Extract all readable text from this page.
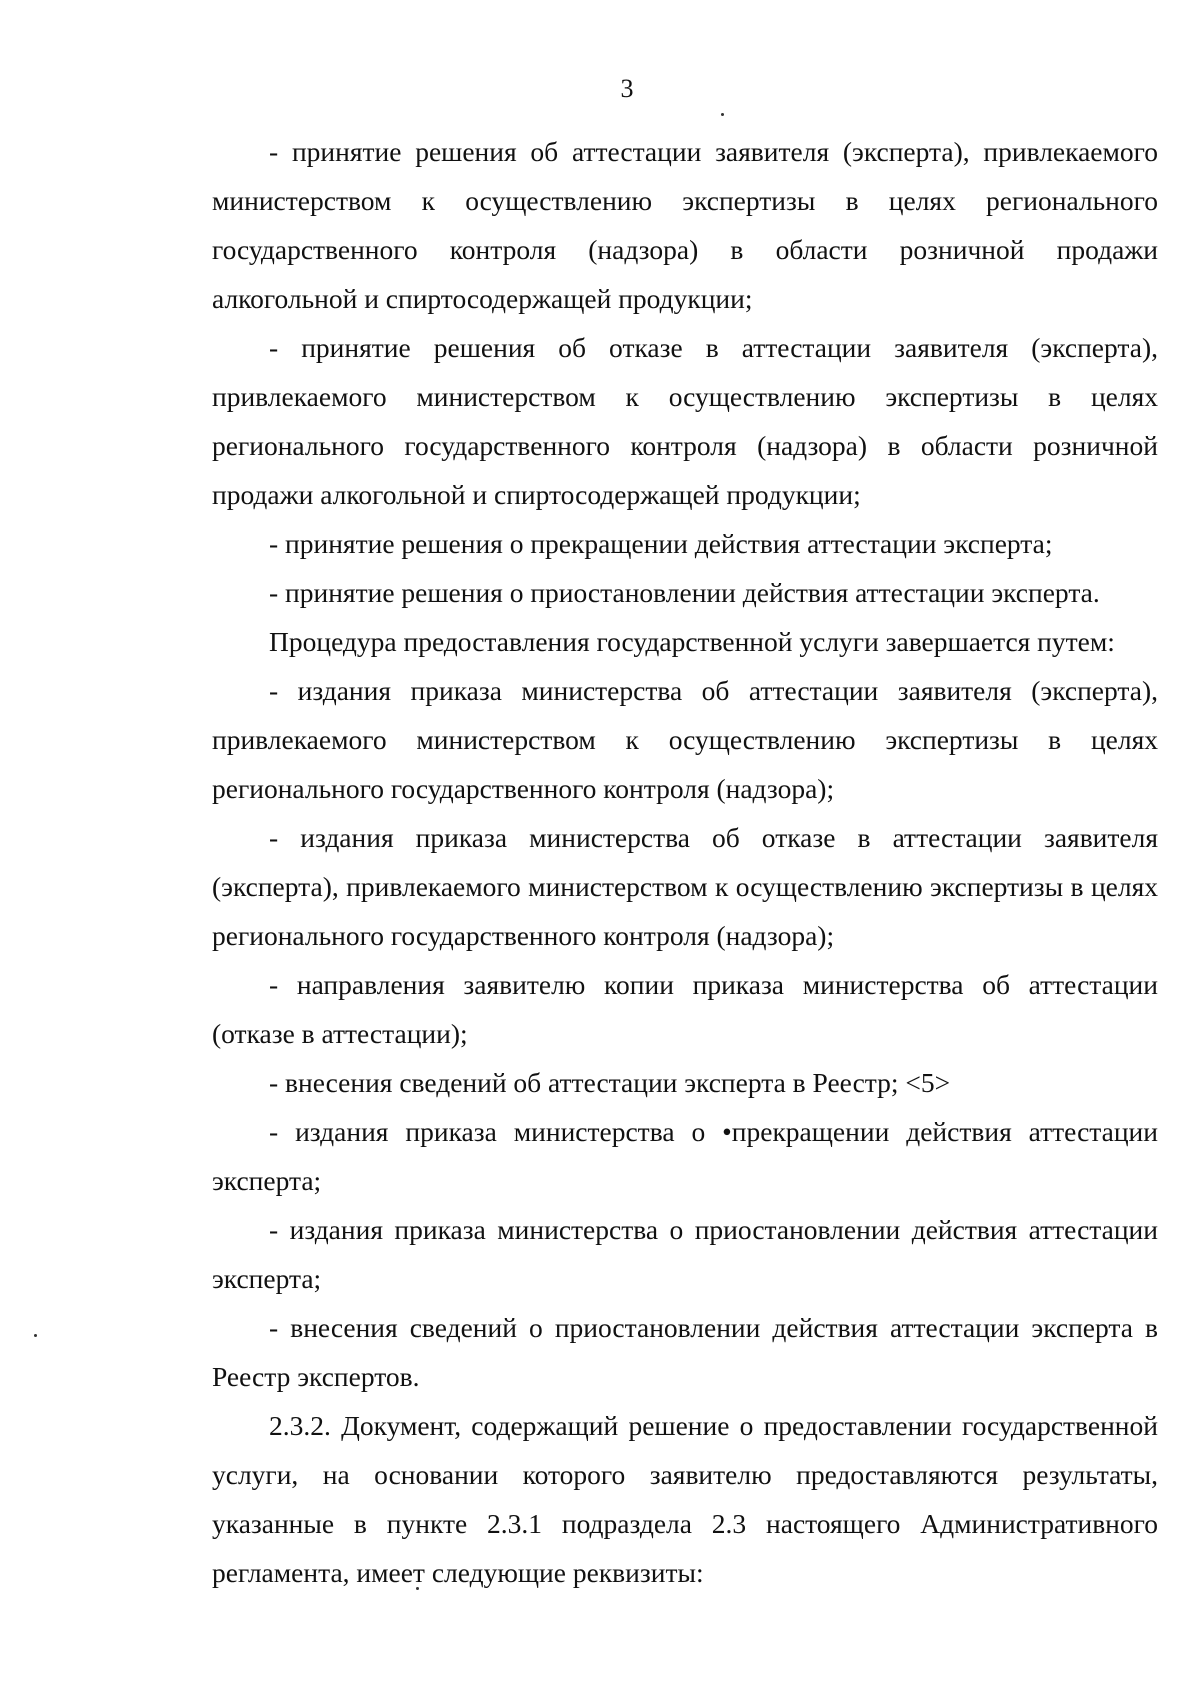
3

- принятие решения об аттестации заявителя (эксперта), привлекаемого министерством к осуществлению экспертизы в целях регионального государственного контроля (надзора) в области розничной продажи алкогольной и спиртосодержащей продукции;

- принятие решения об отказе в аттестации заявителя (эксперта), привлекаемого министерством к осуществлению экспертизы в целях регионального государственного контроля (надзора) в области розничной продажи алкогольной и спиртосодержащей продукции;

- принятие решения о прекращении действия аттестации эксперта;

- принятие решения о приостановлении действия аттестации эксперта.

Процедура предоставления государственной услуги завершается путем:

- издания приказа министерства об аттестации заявителя (эксперта), привлекаемого министерством к осуществлению экспертизы в целях регионального государственного контроля (надзора);

- издания приказа министерства об отказе в аттестации заявителя (эксперта), привлекаемого министерством к осуществлению экспертизы в целях регионального государственного контроля (надзора);

- направления заявителю копии приказа министерства об аттестации (отказе в аттестации);

- внесения сведений об аттестации эксперта в Реестр; <5>

- издания приказа министерства о •прекращении действия аттестации эксперта;

- издания приказа министерства о приостановлении действия аттестации эксперта;

- внесения сведений о приостановлении действия аттестации эксперта в Реестр экспертов.

2.3.2. Документ, содержащий решение о предоставлении государственной услуги, на основании которого заявителю предоставляются результаты, указанные в пункте 2.3.1 подраздела 2.3 настоящего Административного регламента, имеет следующие реквизиты:
